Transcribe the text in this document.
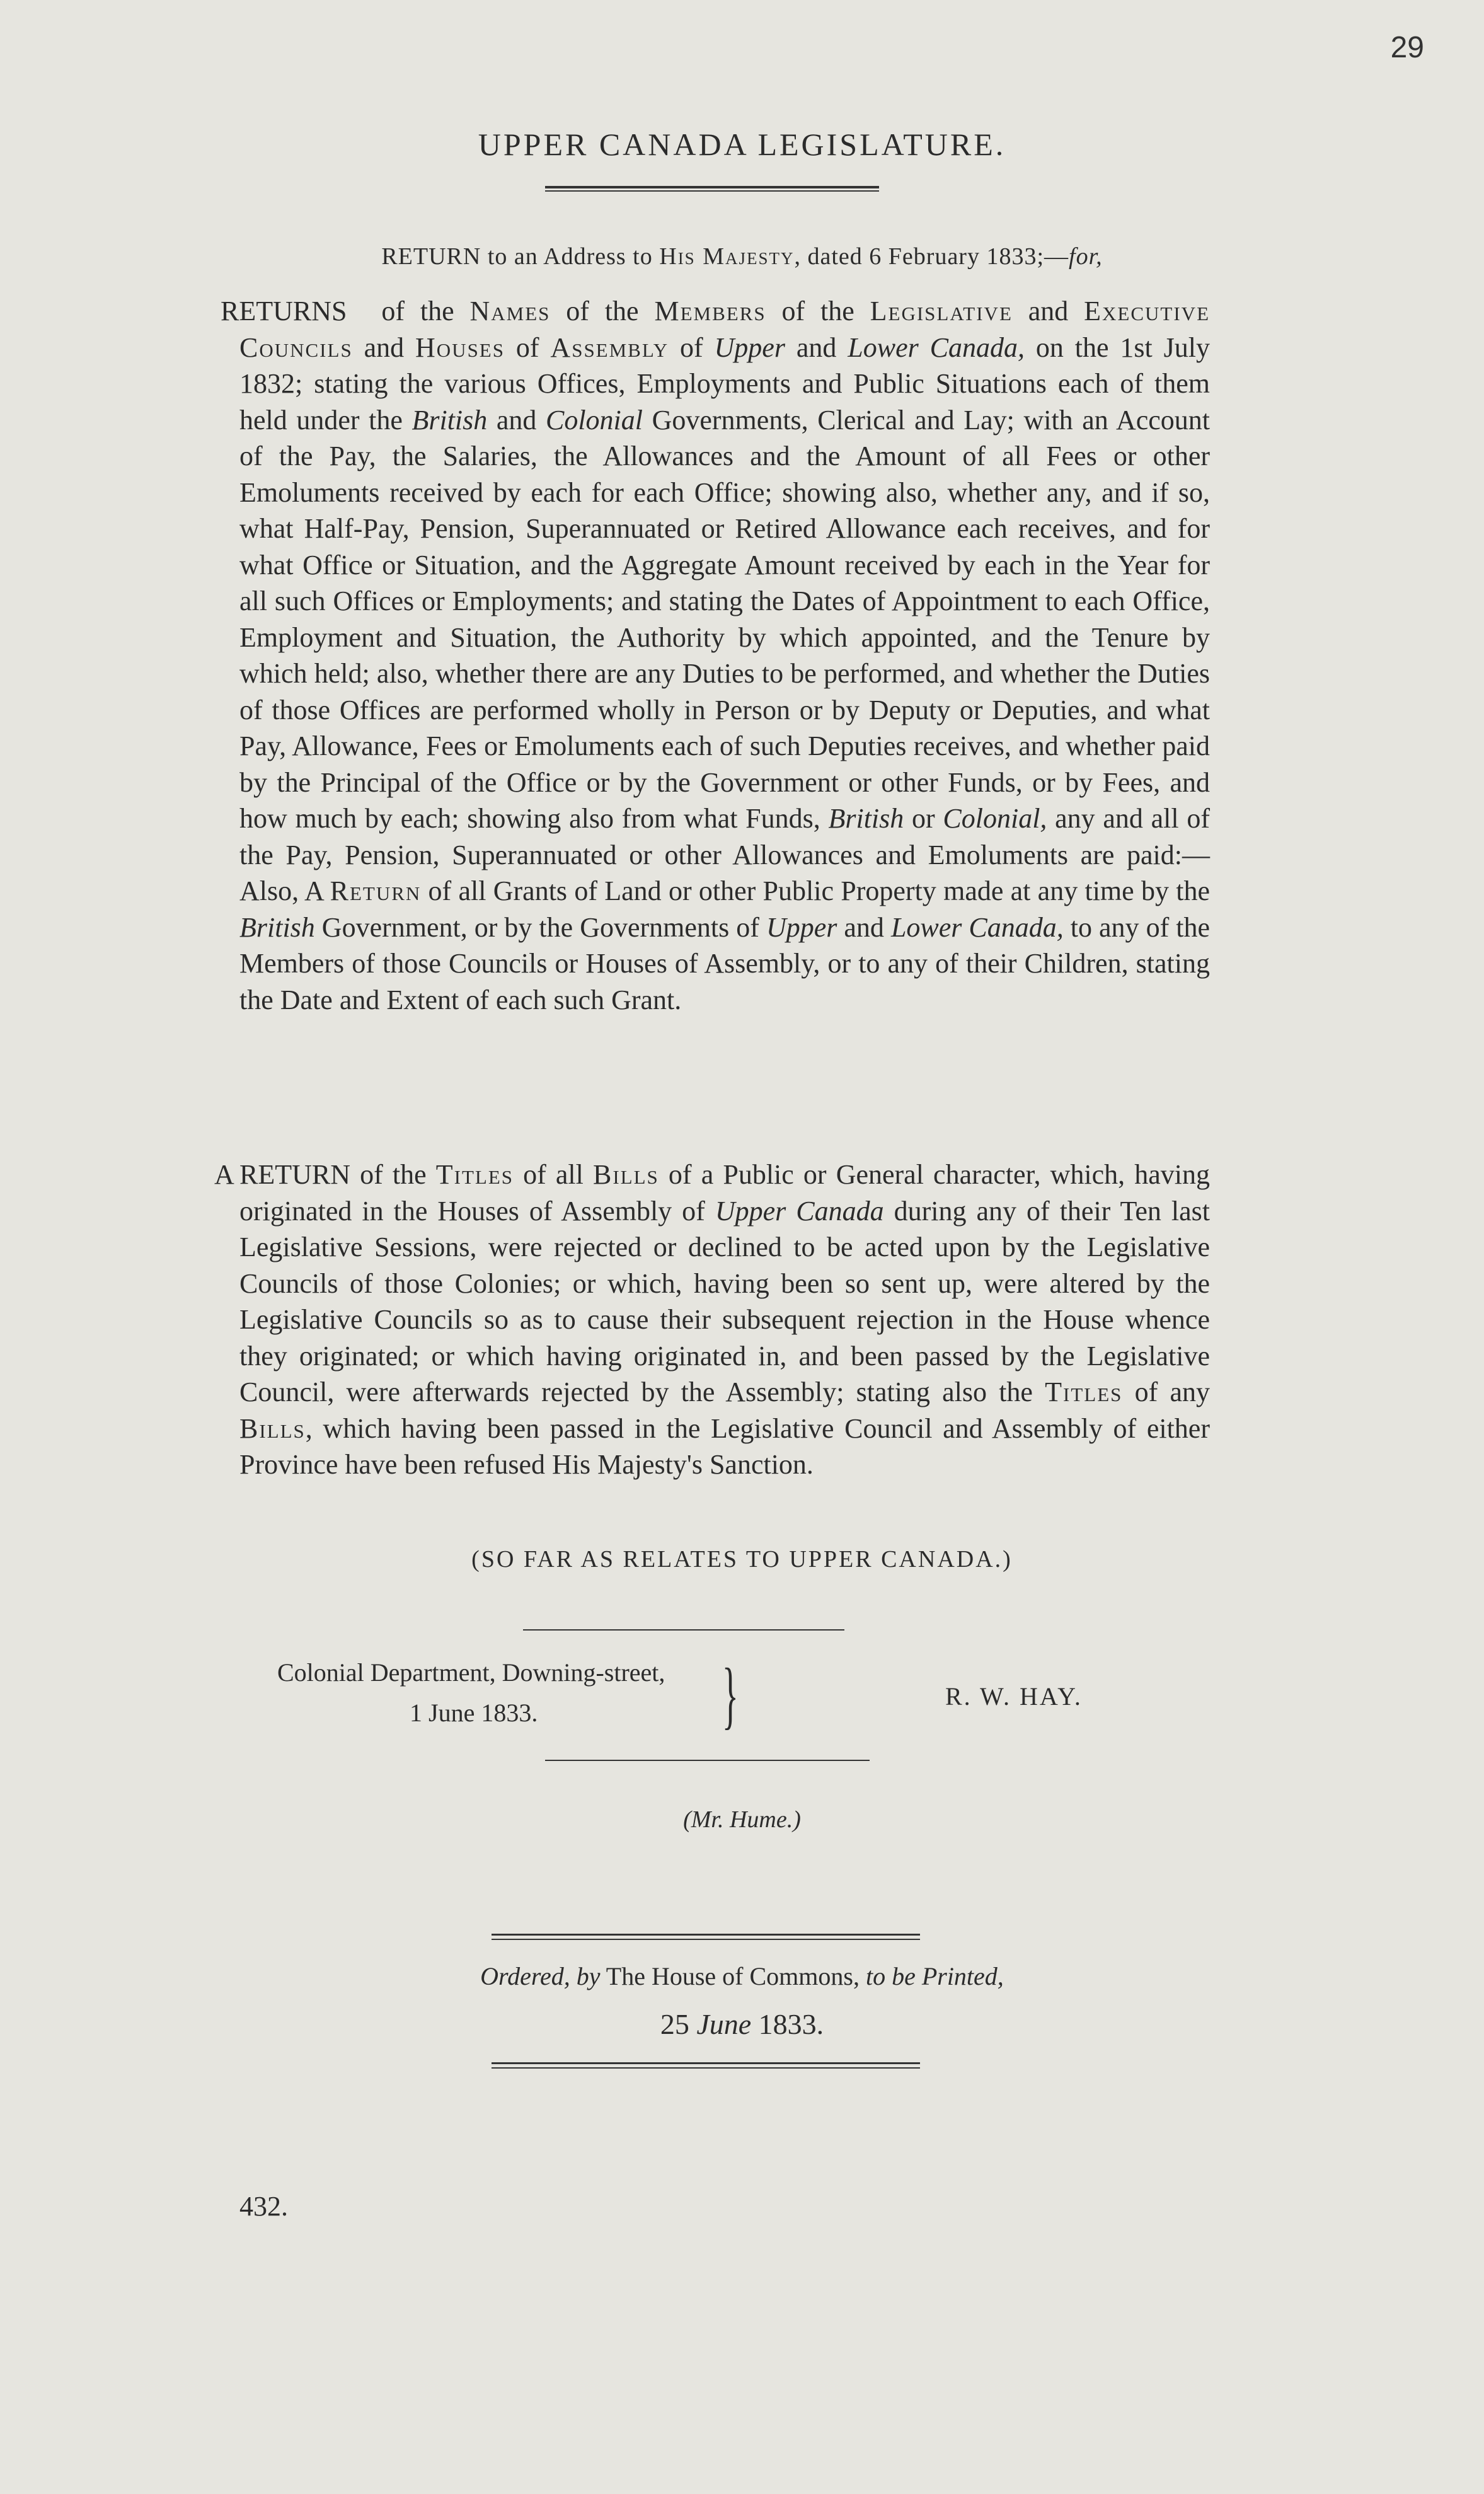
29
UPPER CANADA LEGISLATURE.
RETURN to an Address to His Majesty, dated 6 February 1833;—for,
RETURNS of the Names of the Members of the Legislative and Executive Councils and Houses of Assembly of Upper and Lower Canada, on the 1st July 1832; stating the various Offices, Employments and Public Situations each of them held under the British and Colonial Governments, Clerical and Lay; with an Account of the Pay, the Salaries, the Allowances and the Amount of all Fees or other Emoluments received by each for each Office; showing also, whether any, and if so, what Half-Pay, Pension, Superannuated or Retired Allowance each receives, and for what Office or Situation, and the Aggregate Amount received by each in the Year for all such Offices or Employments; and stating the Dates of Appointment to each Office, Employment and Situation, the Authority by which appointed, and the Tenure by which held; also, whether there are any Duties to be performed, and whether the Duties of those Offices are performed wholly in Person or by Deputy or Deputies, and what Pay, Allowance, Fees or Emoluments each of such Deputies receives, and whether paid by the Principal of the Office or by the Government or other Funds, or by Fees, and how much by each; showing also from what Funds, British or Colonial, any and all of the Pay, Pension, Superannuated or other Allowances and Emoluments are paid:— Also, A Return of all Grants of Land or other Public Property made at any time by the British Government, or by the Governments of Upper and Lower Canada, to any of the Members of those Councils or Houses of Assembly, or to any of their Children, stating the Date and Extent of each such Grant.
A RETURN of the Titles of all Bills of a Public or General character, which, having originated in the Houses of Assembly of Upper Canada during any of their Ten last Legislative Sessions, were rejected or declined to be acted upon by the Legislative Councils of those Colonies; or which, having been so sent up, were altered by the Legislative Councils so as to cause their subsequent rejection in the House whence they originated; or which having originated in, and been passed by the Legislative Council, were afterwards rejected by the Assembly; stating also the Titles of any Bills, which having been passed in the Legislative Council and Assembly of either Province have been refused His Majesty's Sanction.
(SO FAR AS RELATES TO UPPER CANADA.)
Colonial Department, Downing-street,
1 June 1833. }	R. W. HAY.
(Mr. Hume.)
Ordered, by The House of Commons, to be Printed,
25 June 1833.
432.
